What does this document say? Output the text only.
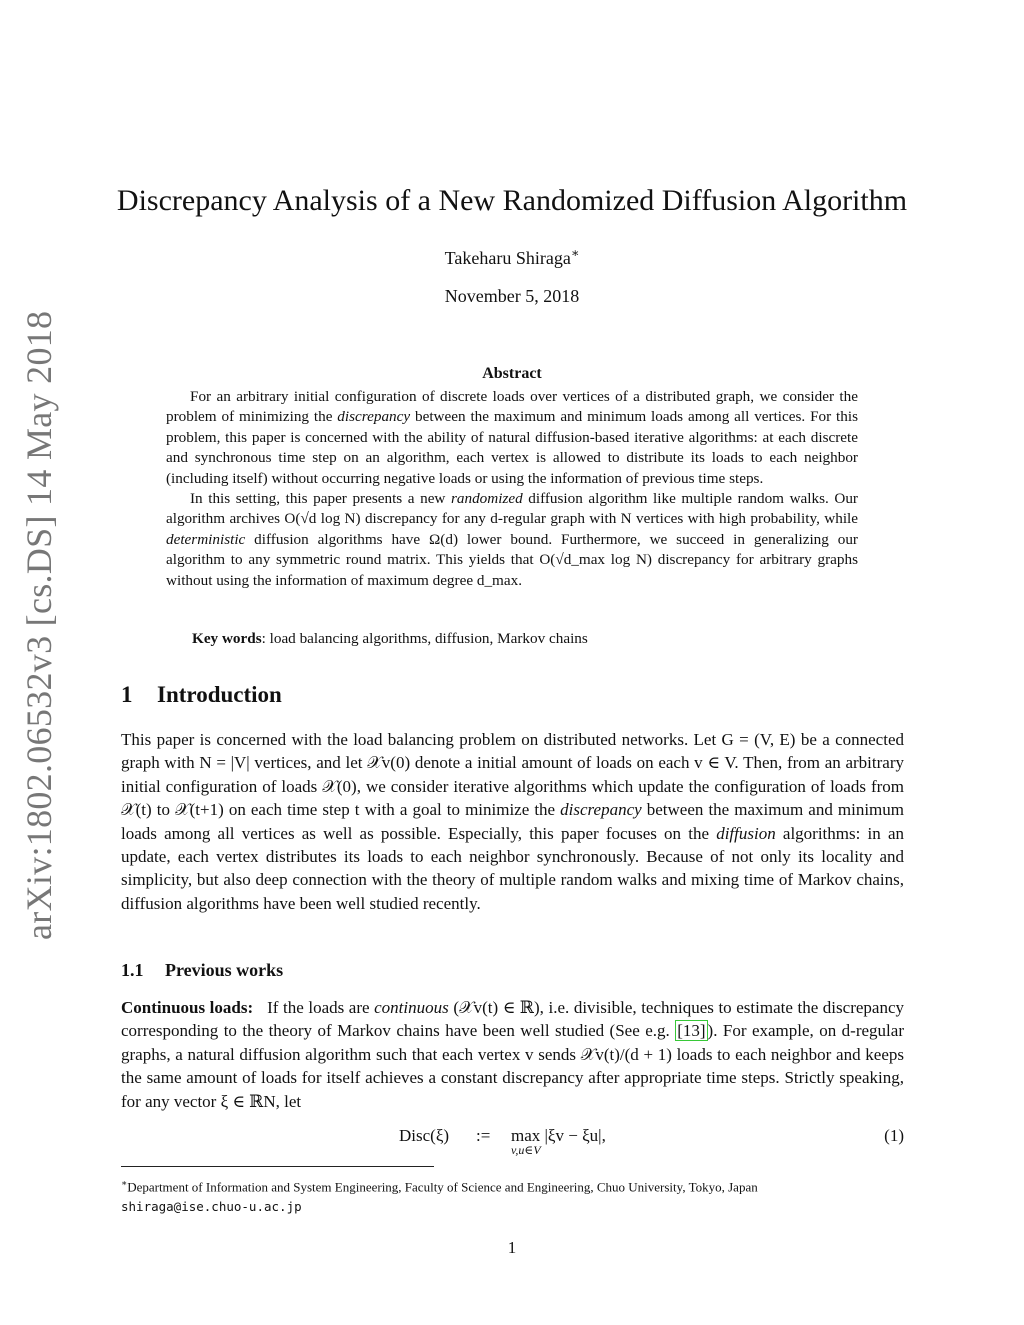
arXiv:1802.06532v3 [cs.DS] 14 May 2018
Discrepancy Analysis of a New Randomized Diffusion Algorithm
Takeharu Shiraga∗
November 5, 2018
Abstract

For an arbitrary initial configuration of discrete loads over vertices of a distributed graph, we consider the problem of minimizing the discrepancy between the maximum and minimum loads among all vertices. For this problem, this paper is concerned with the ability of natural diffusion-based iterative algorithms: at each discrete and synchronous time step on an algorithm, each vertex is allowed to distribute its loads to each neighbor (including itself) without occurring negative loads or using the information of previous time steps.

In this setting, this paper presents a new randomized diffusion algorithm like multiple random walks. Our algorithm archives O(√d log N) discrepancy for any d-regular graph with N vertices with high probability, while deterministic diffusion algorithms have Ω(d) lower bound. Furthermore, we succeed in generalizing our algorithm to any symmetric round matrix. This yields that O(√d_max log N) discrepancy for arbitrary graphs without using the information of maximum degree d_max.

Key words: load balancing algorithms, diffusion, Markov chains
1 Introduction
This paper is concerned with the load balancing problem on distributed networks. Let G = (V, E) be a connected graph with N = |V| vertices, and let 𝒳v(0) denote a initial amount of loads on each v ∈ V. Then, from an arbitrary initial configuration of loads 𝒳(0), we consider iterative algorithms which update the configuration of loads from 𝒳(t) to 𝒳(t+1) on each time step t with a goal to minimize the discrepancy between the maximum and minimum loads among all vertices as well as possible. Especially, this paper focuses on the diffusion algorithms: in an update, each vertex distributes its loads to each neighbor synchronously. Because of not only its locality and simplicity, but also deep connection with the theory of multiple random walks and mixing time of Markov chains, diffusion algorithms have been well studied recently.
1.1 Previous works

Continuous loads: If the loads are continuous (𝒳v(t) ∈ ℝ), i.e. divisible, techniques to estimate the discrepancy corresponding to the theory of Markov chains have been well studied (See e.g. [13] ). For example, on d-regular graphs, a natural diffusion algorithm such that each vertex v sends 𝒳v(t)/(d + 1) loads to each neighbor and keeps the same amount of loads for itself achieves a constant discrepancy after appropriate time steps. Strictly speaking, for any vector ξ ∈ ℝN, let

Disc(ξ) := max |ξv − ξu|,
v,u∈V
(1)
∗Department of Information and System Engineering, Faculty of Science and Engineering, Chuo University, Tokyo, Japan
shiraga@ise.chuo-u.ac.jp
1
